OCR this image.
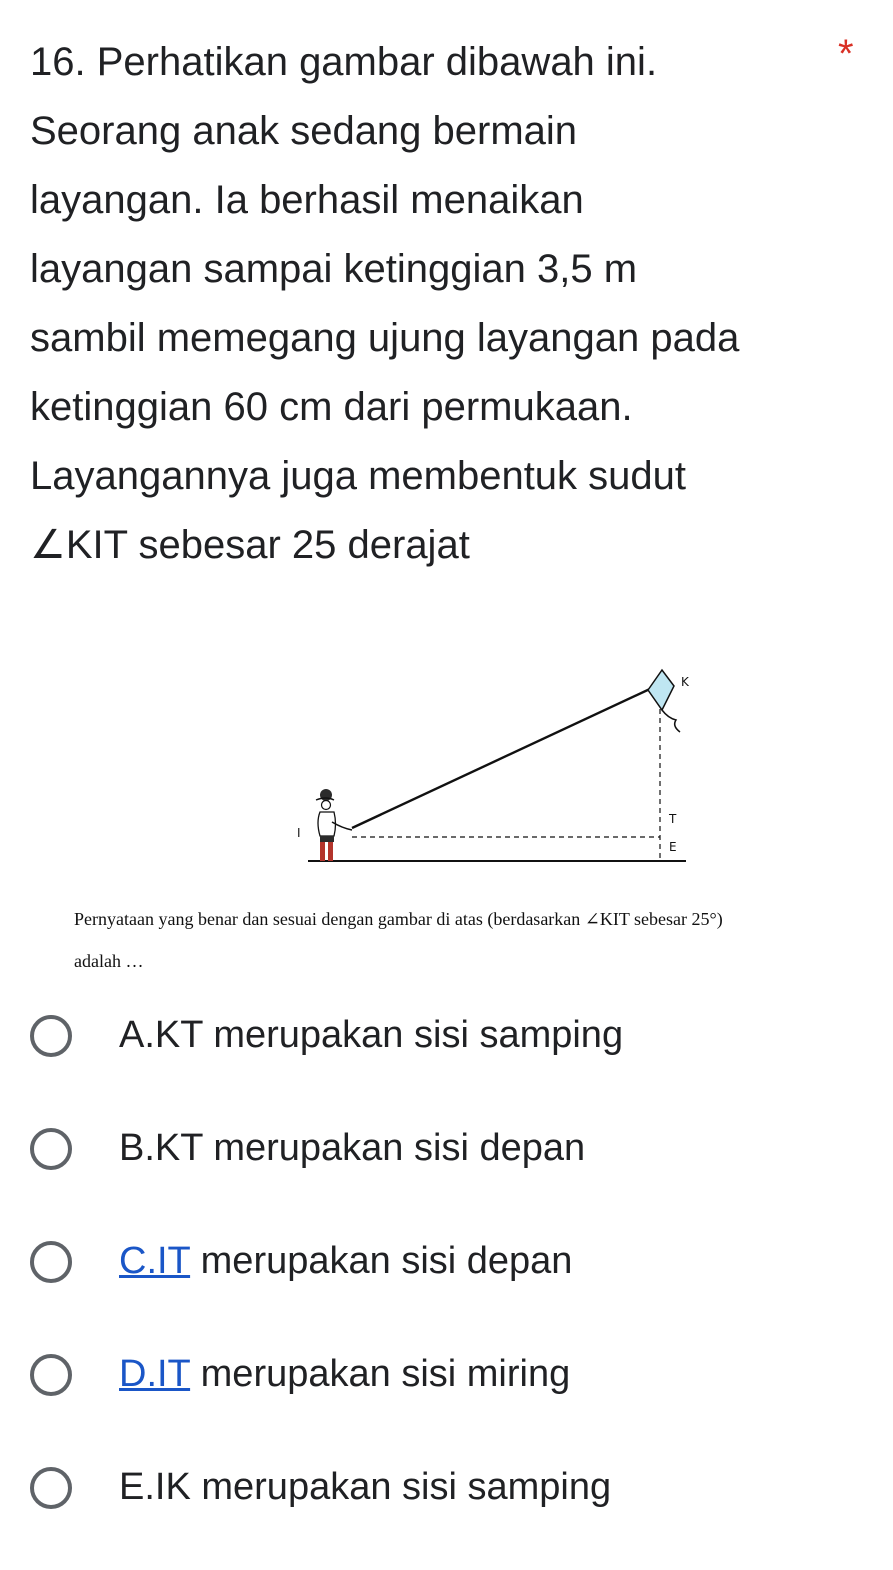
16. Perhatikan gambar dibawah ini.
Seorang anak sedang bermain
layangan. Ia berhasil menaikan
layangan sampai ketinggian 3,5 m
sambil memegang ujung layangan pada
ketinggian 60 cm dari permukaan.
Layangannya juga membentuk sudut
∠KIT sebesar 25 derajat
*
K
I
T
E
Pernyataan yang benar dan sesuai dengan gambar di atas (berdasarkan ∠KIT sebesar 25°)
adalah …
A.KT merupakan sisi samping
B.KT merupakan sisi depan
C.IT merupakan sisi depan
D.IT merupakan sisi miring
E.IK merupakan sisi samping
